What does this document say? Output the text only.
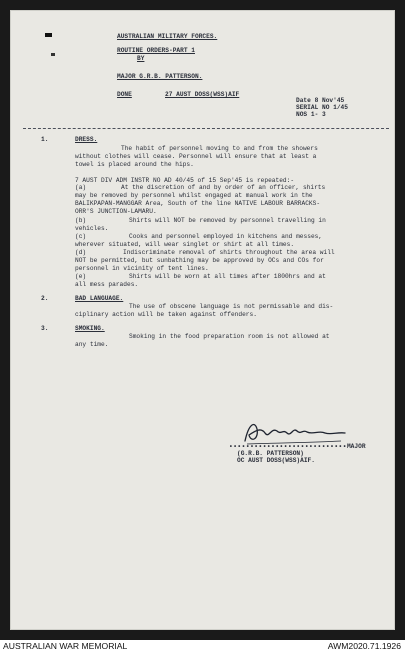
AUSTRALIAN MILITARY FORCES.
ROUTINE ORDERS-PART 1
BY
MAJOR G.R.B. PATTERSON.
DONE	27 AUST DOSS(WSS)AIF
Date 8 Nov'45
SERIAL NO 1/45
NOS 1- 3
1.	DRESS.
The habit of personnel moving to and from the showers
without clothes will cease. Personnel will ensure that at least a
towel is placed around the hips.
7 AUST DIV ADM INSTR NO AD 40/45 of 15 Sep'45 is repeated:-
(a)	At the discretion of and by order of an officer, shirts
may be removed by personnel whilst engaged at manual work in the
BALIKPAPAN-MANGGAR Area, South of the line NATIVE LABOUR BARRACKS-
ORR'S JUNCTION-LAMARU.
(b)	Shirts will NOT be removed by personnel travelling in
vehicles.
(c)	Cooks and personnel employed in kitchens and messes,
wherever situated, will wear singlet or shirt at all times.
(d)	Indiscriminate removal of shirts throughout the area will
NOT be permitted, but sunbathing may be approved by OCs and COs for
personnel in vicinity of tent lines.
(e)	Shirts will be worn at all times after 1800hrs and at
all mess parades.
2.	BAD LANGUAGE.
The use of obscene language is not permissable and dis-
ciplinary action will be taken against offenders.
3.	SMOKING.
Smoking in the food preparation room is not allowed at
any time.
••••••••••••••••••••••••••••MAJOR
(G.R.B. PATTERSON)
OC AUST DOSS(WSS)AIF.
AUSTRALIAN WAR MEMORIAL	AWM2020.71.1926
